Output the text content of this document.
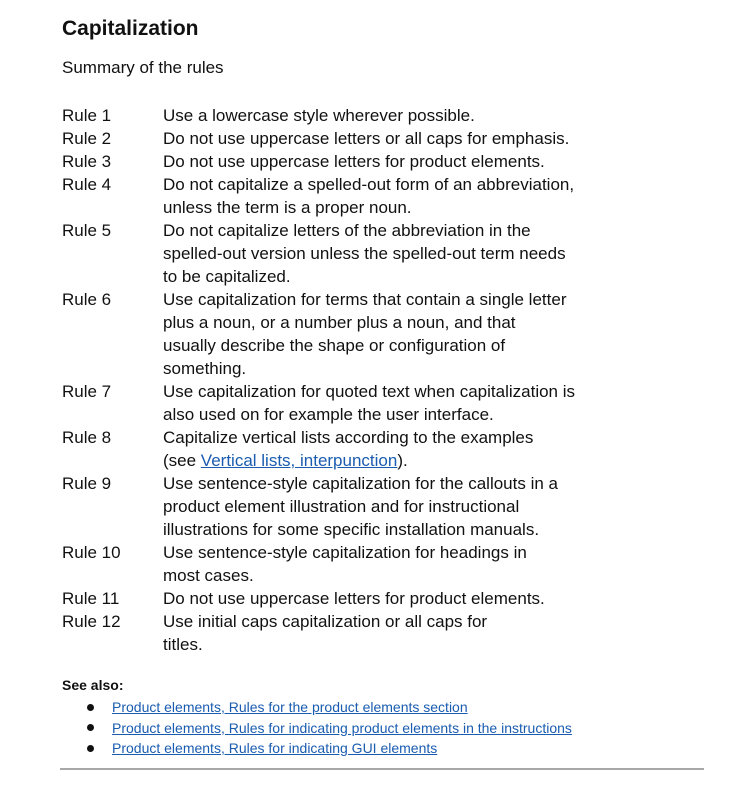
Capitalization
Summary of the rules
Rule 1	Use a lowercase style wherever possible.

Rule 2	Do not use uppercase letters or all caps for emphasis.

Rule 3	Do not use uppercase letters for product elements.

Rule 4	Do not capitalize a spelled-out form of an abbreviation,

unless the term is a proper noun.

Rule 5	Do not capitalize letters of the abbreviation in the

spelled-out version unless the spelled-out term needs

to be capitalized.

Rule 6	Use capitalization for terms that contain a single letter

plus a noun, or a number plus a noun, and that

usually describe the shape or configuration of

something.

Rule 7	Use capitalization for quoted text when capitalization is

also used on for example the user interface.

Rule 8	Capitalize vertical lists according to the examples

(see Vertical lists, interpunction).

Rule 9	Use sentence-style capitalization for the callouts in a

product element illustration and for instructional

illustrations for some specific installation manuals.

Rule 10	Use sentence-style capitalization for headings in

most cases.

Rule 11	Do not use uppercase letters for product elements.

Rule 12	Use initial caps capitalization or all caps for

titles.

See also:
Product elements, Rules for the product elements section
Product elements, Rules for indicating product elements in the instructions
Product elements, Rules for indicating GUI elements
